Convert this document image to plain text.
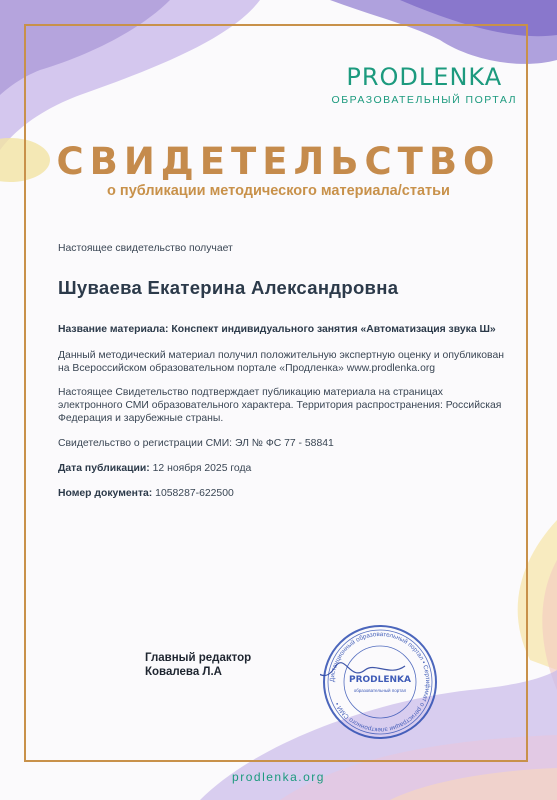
PRODLENKA
ОБРАЗОВАТЕЛЬНЫЙ ПОРТАЛ
СВИДЕТЕЛЬСТВО
о публикации методического материала/статьи
Настоящее свидетельство получает
Шуваева Екатерина Александровна
Название материала: Конспект индивидуального занятия «Автоматизация звука Ш»
Данный методический материал получил положительную экспертную оценку и опубликован на Всероссийском образовательном портале «Продленка» www.prodlenka.org
Настоящее Свидетельство подтверждает публикацию материала на страницах электронного СМИ образовательного характера. Территория распространения: Российская Федерация и зарубежные страны.
Свидетельство о регистрации СМИ: ЭЛ № ФС 77 - 58841
Дата публикации: 12 ноября 2025 года
Номер документа: 1058287-622500
Главный редактор
Ковалева Л.А
Дистанционный образовательный портал • Сертификат о регистрации электронного СМИ •
PRODLENKA
образовательный портал
prodlenka.org
